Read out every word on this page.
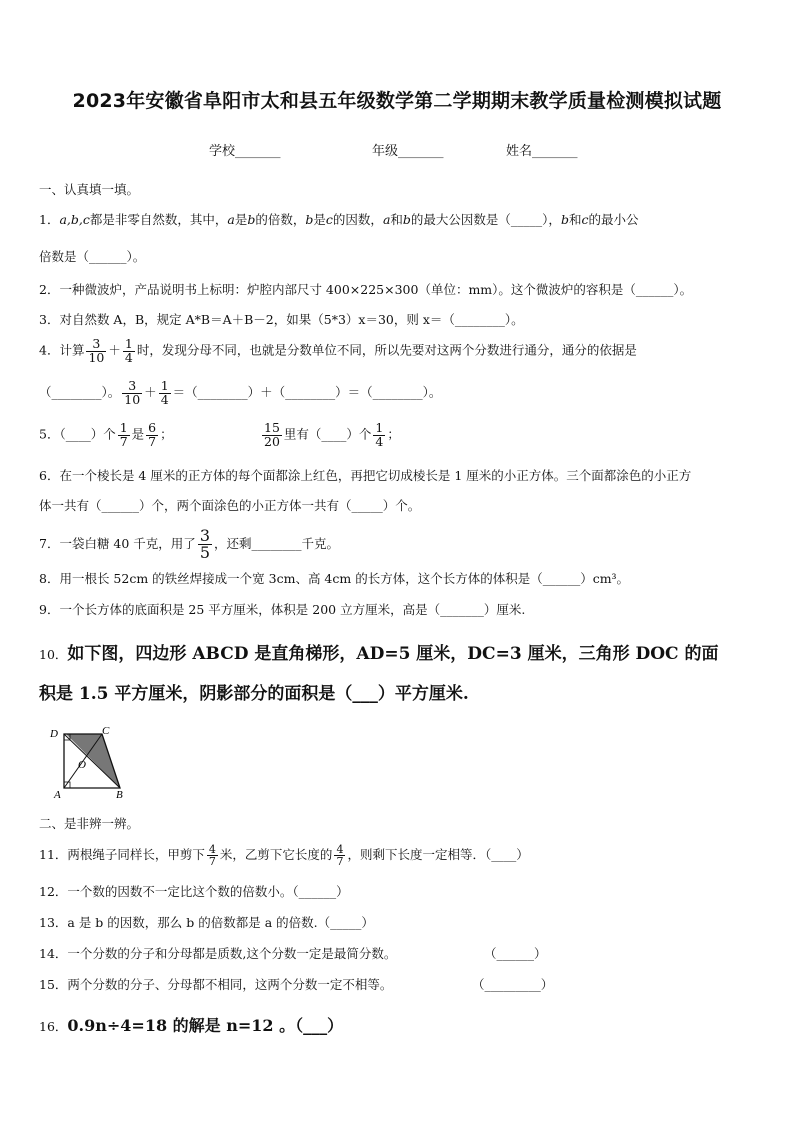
2023年安徽省阜阳市太和县五年级数学第二学期期末教学质量检测模拟试题
学校_______	年级_______	姓名_______
一、认真填一填。
1．a,b,c都是非零自然数，其中，a是b的倍数，b是c的因数，a和b的最大公因数是（_____），b和c的最小公
倍数是（______）。
2．一种微波炉，产品说明书上标明：炉腔内部尺寸 400×225×300（单位：mm）。这个微波炉的容积是（______）。
3．对自然数 A，B，规定 A*B＝A＋B－2，如果（5*3）x＝30，则 x＝（________）。
4．计算 $\frac{3}{10} + \frac{1}{4}$ 时，发现分母不同，也就是分数单位不同，所以先要对这两个分数进行通分，通分的依据是
（________）。 $\frac{3}{10} + \frac{1}{4}$ ＝（________）＋（________）＝（________）。
5．（____）个 $\frac{1}{7}$ 是 $\frac{6}{7}$ ；	$\frac{15}{20}$ 里有（____）个 $\frac{1}{4}$ ；
6．在一个棱长是 4 厘米的正方体的每个面都涂上红色，再把它切成棱长是 1 厘米的小正方体。三个面都涂色的小正方
体一共有（______）个，两个面涂色的小正方体一共有（_____）个。
7．一袋白糖 40 千克，用了 $\frac{3}{5}$ ，还剩________千克。
8．用一根长 52cm 的铁丝焊接成一个宽 3cm、高 4cm 的长方体，这个长方体的体积是（______）cm³。
9．一个长方体的底面积是 25 平方厘米，体积是 200 立方厘米，高是（_______）厘米.
10．如下图，四边形 ABCD 是直角梯形，AD=5 厘米，DC=3 厘米，三角形 DOC 的面
积是 1.5 平方厘米，阴影部分的面积是（___）平方厘米.
D	C
O
A	B
二、是非辨一辨。
11．两根绳子同样长，甲剪下 $\frac{4}{7}$ 米，乙剪下它长度的 $\frac{4}{7}$ ，则剩下长度一定相等．（____）
12．一个数的因数不一定比这个数的倍数小。（______）
13．a 是 b 的因数，那么 b 的倍数都是 a 的倍数.（_____）
14．一个分数的分子和分母都是质数,这个分数一定是最简分数。	（______）
15．两个分数的分子、分母都不相同，这两个分数一定不相等。	（_________）
16．0.9n÷4=18 的解是 n=12 。（___）
